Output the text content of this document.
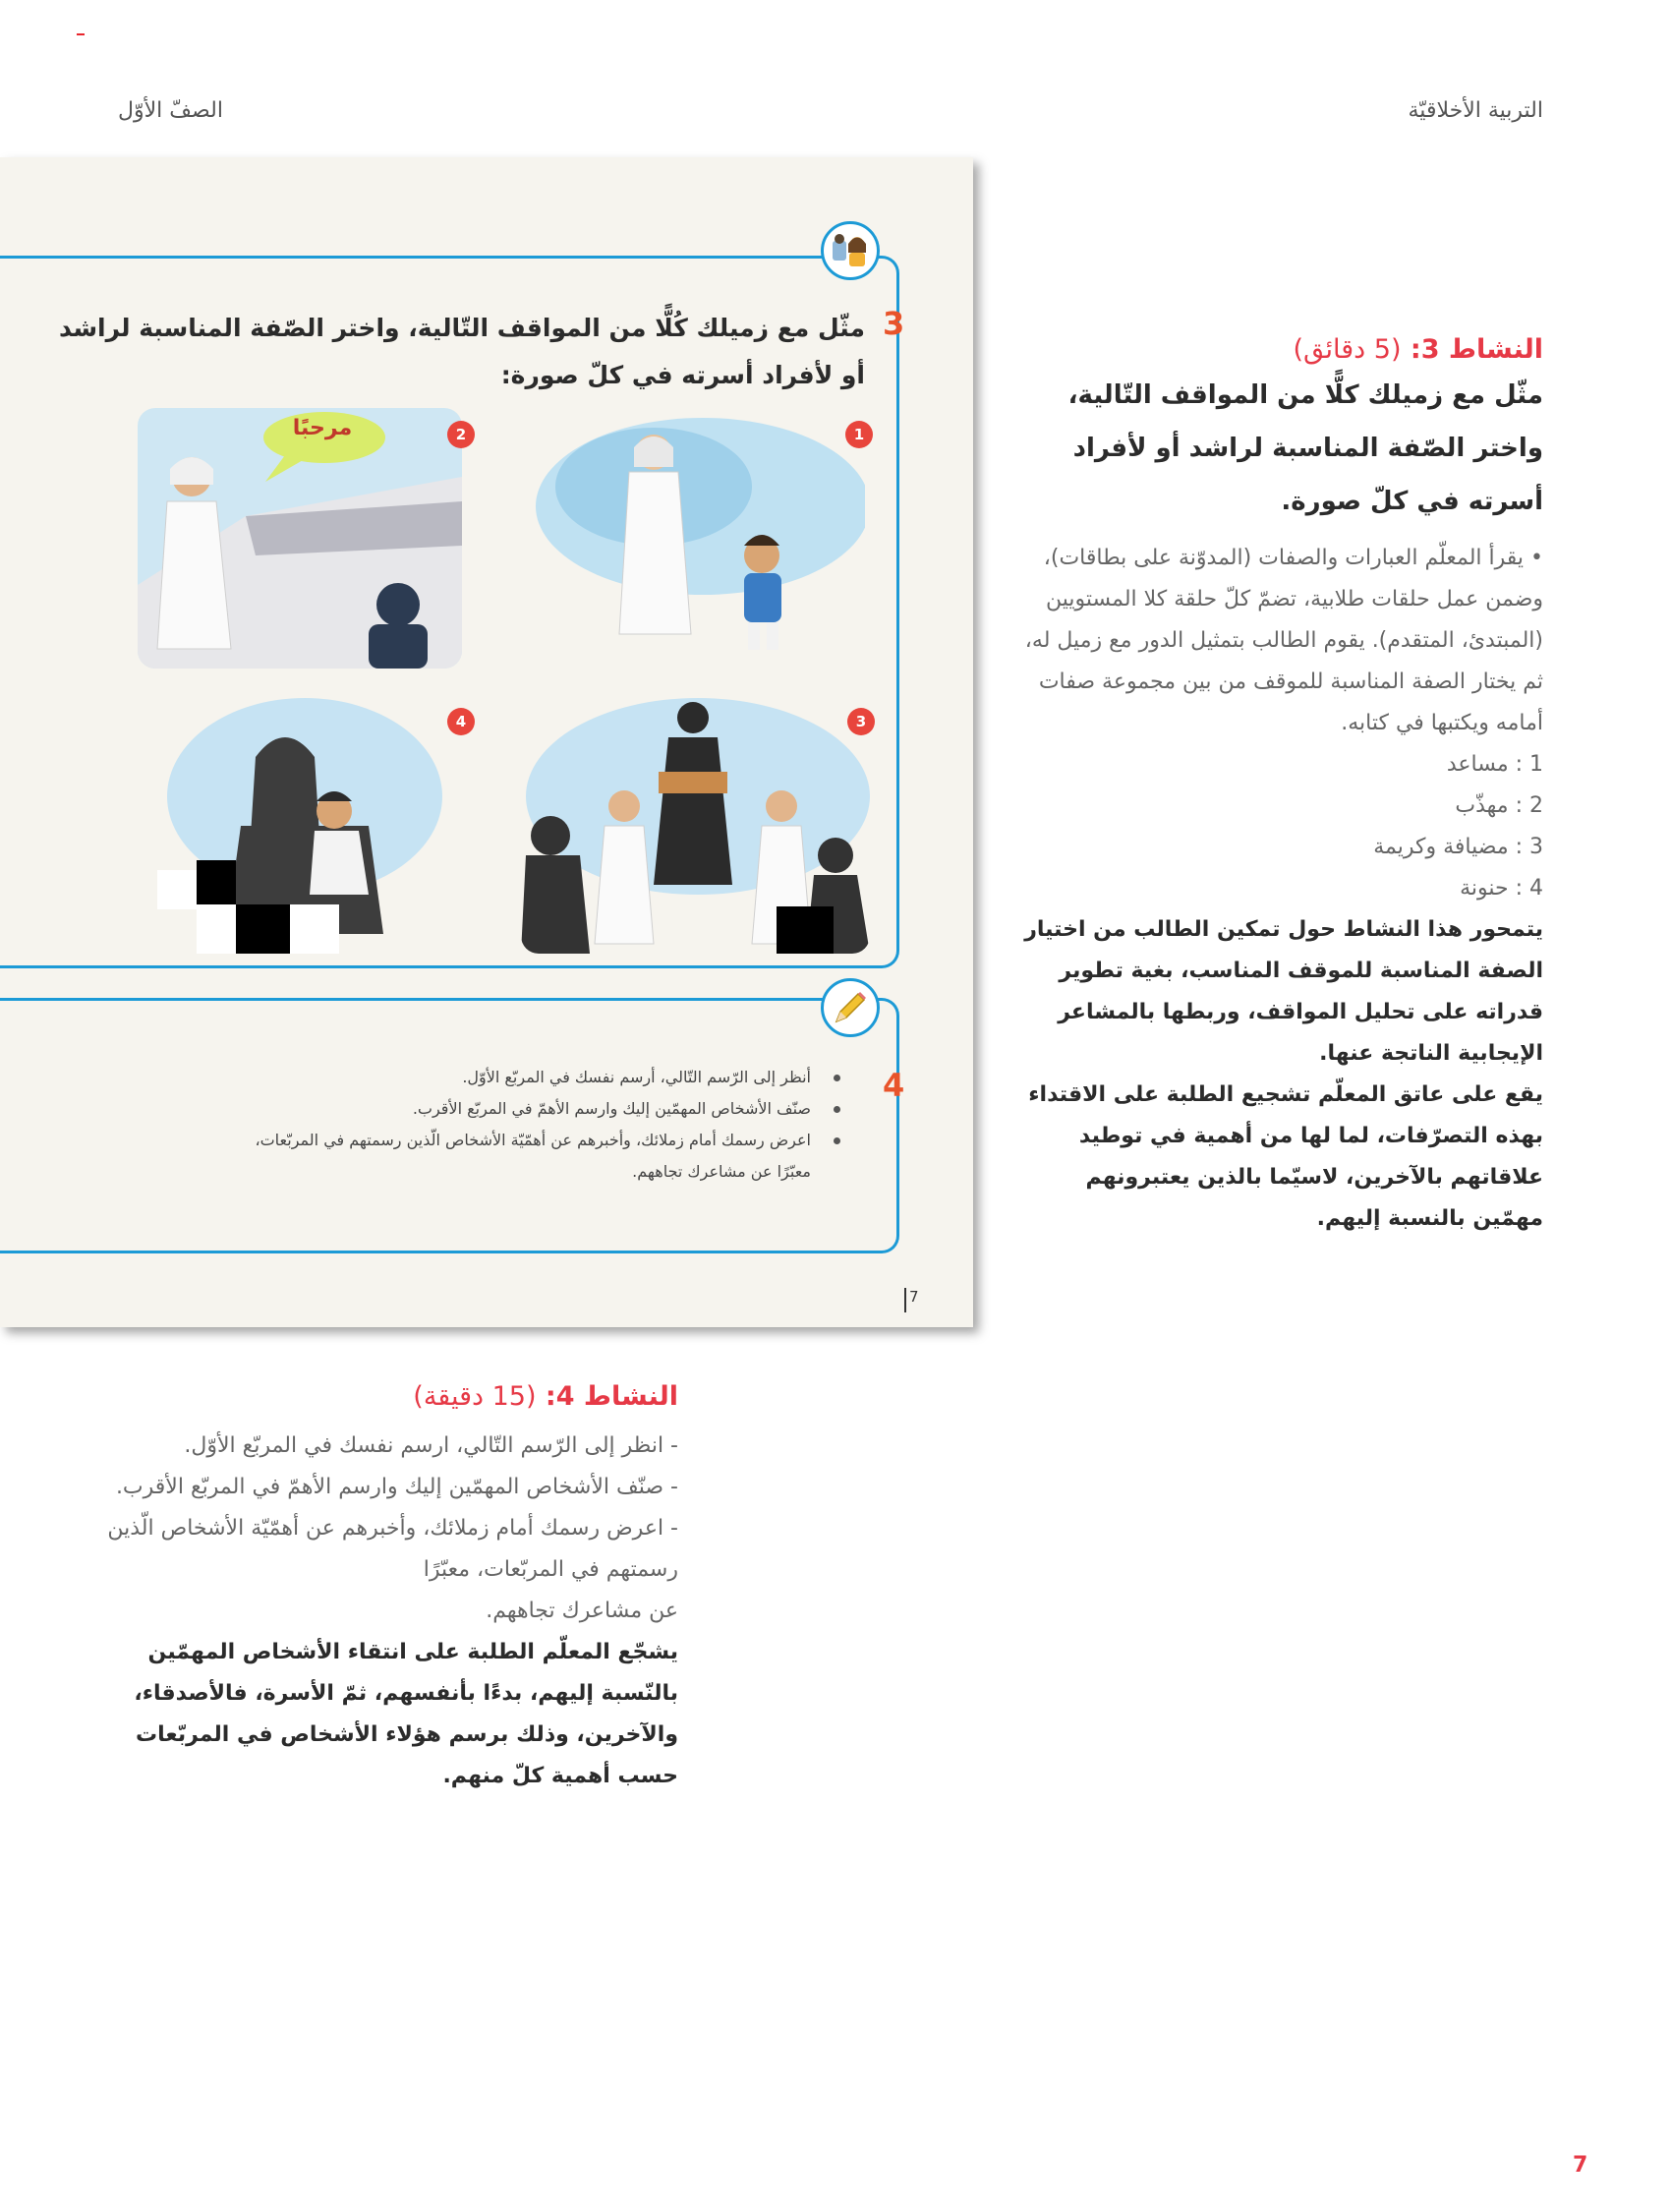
التربية الأخلاقيّة
الصفّ الأوّل
3
مثّل مع زميلك كُلًّا من المواقف التّالية، واختر الصّفة المناسبة لراشد أو لأفراد أسرته في كلّ صورة:
1
مرحبًا	2
3
4
4
أنظر إلى الرّسم التّالي، أرسم نفسك في المربّع الأوّل.
صنّف الأشخاص المهمّين إليك وارسم الأهمّ في المربّع الأقرب.
اعرض رسمك أمام زملائك، وأخبرهم عن أهمّيّة الأشخاص الّذين رسمتهم في المربّعات،
معبّرًا عن مشاعرك تجاههم.
7
النشاط 3: (5 دقائق)
مثّل مع زميلك كلًّا من المواقف التّالية، واختر الصّفة المناسبة لراشد أو لأفراد أسرته في كلّ صورة.
• يقرأ المعلّم العبارات والصفات (المدوّنة على بطاقات)، وضمن عمل حلقات طلابية، تضمّ كلّ حلقة كلا المستويين (المبتدئ، المتقدم). يقوم الطالب بتمثيل الدور مع زميل له، ثم يختار الصفة المناسبة للموقف من بين مجموعة صفات أمامه ويكتبها في كتابه.
1 : مساعد
2 : مهذّب
3 : مضيافة وكريمة
4 : حنونة
يتمحور هذا النشاط حول تمكين الطالب من اختيار الصفة المناسبة للموقف المناسب، بغية تطوير قدراته على تحليل المواقف، وربطها بالمشاعر الإيجابية الناتجة عنها.
يقع على عاتق المعلّم تشجيع الطلبة على الاقتداء بهذه التصرّفات، لما لها من أهمية في توطيد علاقاتهم بالآخرين، لاسيّما بالذين يعتبرونهم مهمّين بالنسبة إليهم.
النشاط 4: (15 دقيقة)
- انظر إلى الرّسم التّالي، ارسم نفسك في المربّع الأوّل.
- صنّف الأشخاص المهمّين إليك وارسم الأهمّ في المربّع الأقرب.
- اعرض رسمك أمام زملائك، وأخبرهم عن أهمّيّة الأشخاص الّذين رسمتهم في المربّعات، معبّرًا
عن مشاعرك تجاههم.
يشجّع المعلّم الطلبة على انتقاء الأشخاص المهمّين بالنّسبة إليهم، بدءًا بأنفسهم، ثمّ الأسرة، فالأصدقاء، والآخرين، وذلك برسم هؤلاء الأشخاص في المربّعات حسب أهمية كلّ منهم.
7
